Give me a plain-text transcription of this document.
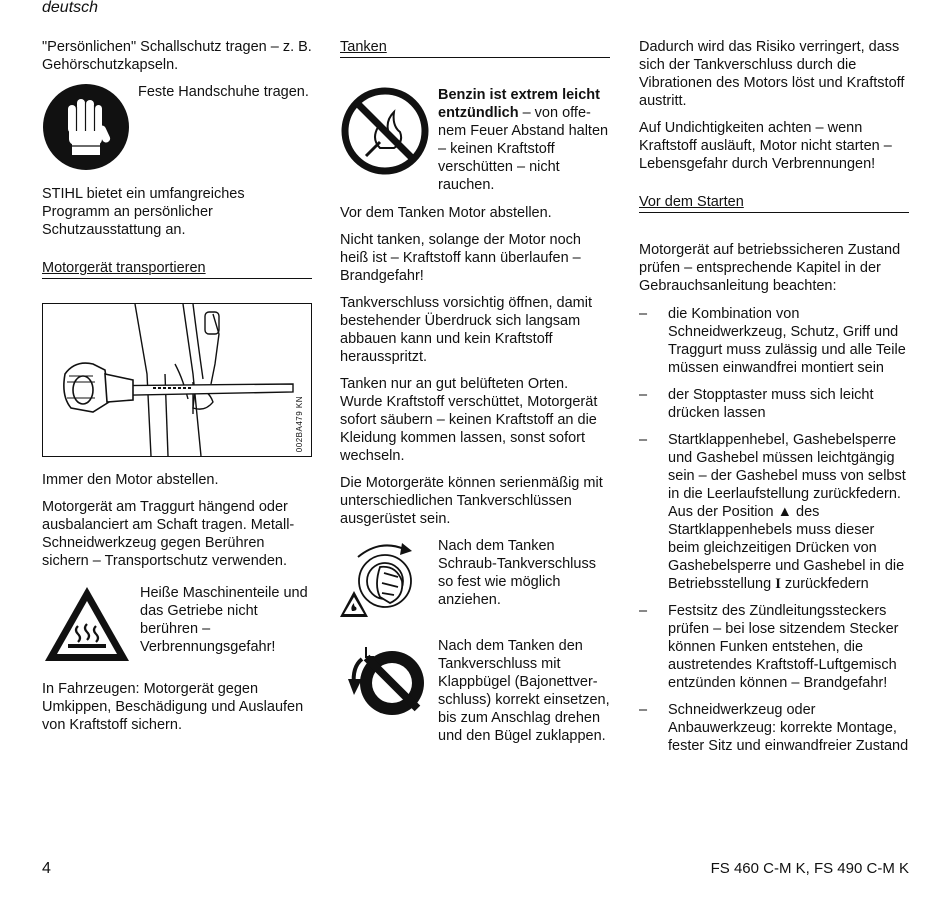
deutsch

"Persönlichen" Schallschutz tragen – z. B. Gehörschutzkapseln.

Feste Handschuhe tragen.

STIHL bietet ein umfangreiches Programm an persönlicher Schutzausstattung an.

Motorgerät transportieren
002BA479 KN

Immer den Motor abstellen.

Motorgerät am Traggurt hängend oder ausbalanciert am Schaft tragen. Metall-Schneidwerkzeug gegen Berühren sichern – Transportschutz verwenden.

Heiße Maschinenteile und das Getriebe nicht berühren –
Verbrennungsgefahr!

In Fahrzeugen: Motorgerät gegen Umkippen, Beschädigung und Auslaufen von Kraftstoff sichern.

Tanken
Benzin ist extrem leicht entzündlich – von offe-nem Feuer Abstand halten – keinen Kraftstoff verschütten – nicht rauchen.

Vor dem Tanken Motor abstellen.

Nicht tanken, solange der Motor noch heiß ist – Kraftstoff kann überlaufen –
Brandgefahr!

Tankverschluss vorsichtig öffnen, damit bestehender Überdruck sich langsam abbauen kann und kein Kraftstoff herausspritzt.

Tanken nur an gut belüfteten Orten. Wurde Kraftstoff verschüttet, Motorgerät sofort säubern – keinen Kraftstoff an die Kleidung kommen lassen, sonst sofort wechseln.

Die Motorgeräte können serienmäßig mit unterschiedlichen Tankverschlüssen ausgerüstet sein.

Nach dem Tanken Schraub-Tankverschluss so fest wie möglich anziehen.
Nach dem Tanken den Tankverschluss mit Klappbügel (Bajonettver-schluss) korrekt einsetzen, bis zum Anschlag drehen und den Bügel zuklappen.

Dadurch wird das Risiko verringert, dass sich der Tankverschluss durch die Vibrationen des Motors löst und Kraftstoff austritt.

Auf Undichtigkeiten achten – wenn Kraftstoff ausläuft, Motor nicht starten –
Lebensgefahr durch Verbrennungen!

Vor dem Starten

Motorgerät auf betriebssicheren Zustand prüfen – entsprechende Kapitel in der Gebrauchsanleitung beachten:

– die Kombination von Schneidwerkzeug, Schutz, Griff und Traggurt muss zulässig und alle Teile müssen einwandfrei montiert sein
– der Stopptaster muss sich leicht drücken lassen
– Startklappenhebel, Gashebelsperre und Gashebel müssen leichtgängig sein – der Gashebel muss von selbst in die Leerlaufstellung zurückfedern. Aus der Position ▲ des Startklappenhebels muss dieser beim gleichzeitigen Drücken von Gashebelsperre und Gashebel in die Betriebsstellung I zurückfedern
– Festsitz des Zündleitungssteckers prüfen – bei lose sitzendem Stecker können Funken entstehen, die austretendes Kraftstoff-Luftgemisch entzünden können – Brandgefahr!
– Schneidwerkzeug oder Anbauwerkzeug: korrekte Montage, fester Sitz und einwandfreier Zustand
4	FS 460 C-M K, FS 490 C-M K
